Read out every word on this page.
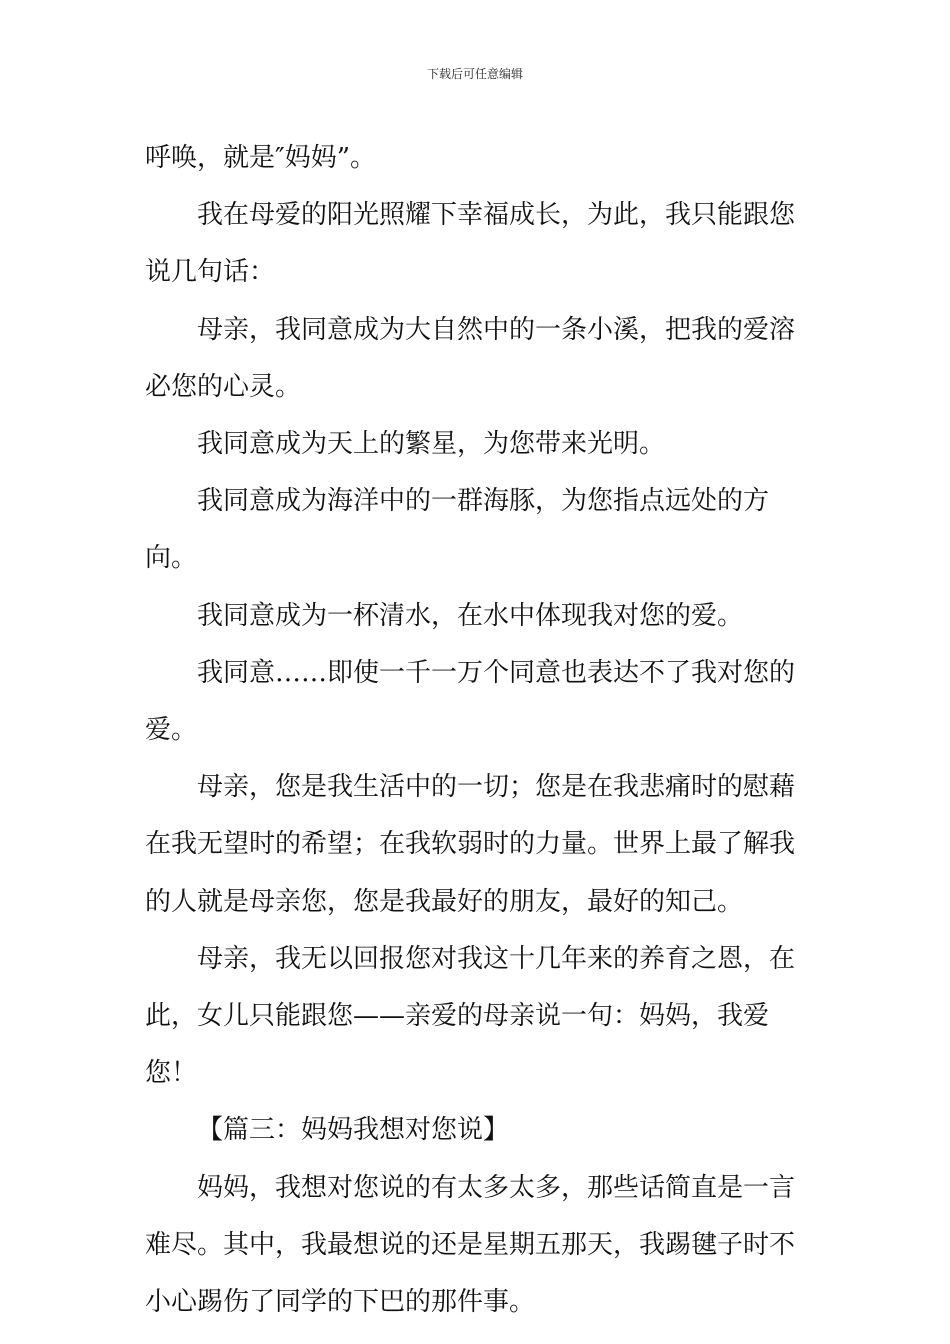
下载后可任意编辑

呼唤，就是″妈妈”。

我在母爱的阳光照耀下幸福成长，为此，我只能跟您说几句话：

母亲，我同意成为大自然中的一条小溪，把我的爱溶必您的心灵。

我同意成为天上的繁星，为您带来光明。

我同意成为海洋中的一群海豚，为您指点远处的方向。

我同意成为一杯清水，在水中体现我对您的爱。

我同意……即使一千一万个同意也表达不了我对您的爱。

母亲，您是我生活中的一切；您是在我悲痛时的慰藉在我无望时的希望；在我软弱时的力量。世界上最了解我的人就是母亲您，您是我最好的朋友，最好的知己。

母亲，我无以回报您对我这十几年来的养育之恩，在此，女儿只能跟您——亲爱的母亲说一句：妈妈，我爱您！

【篇三：妈妈我想对您说】

妈妈，我想对您说的有太多太多，那些话简直是一言难尽。其中，我最想说的还是星期五那天，我踢毽子时不小心踢伤了同学的下巴的那件事。
